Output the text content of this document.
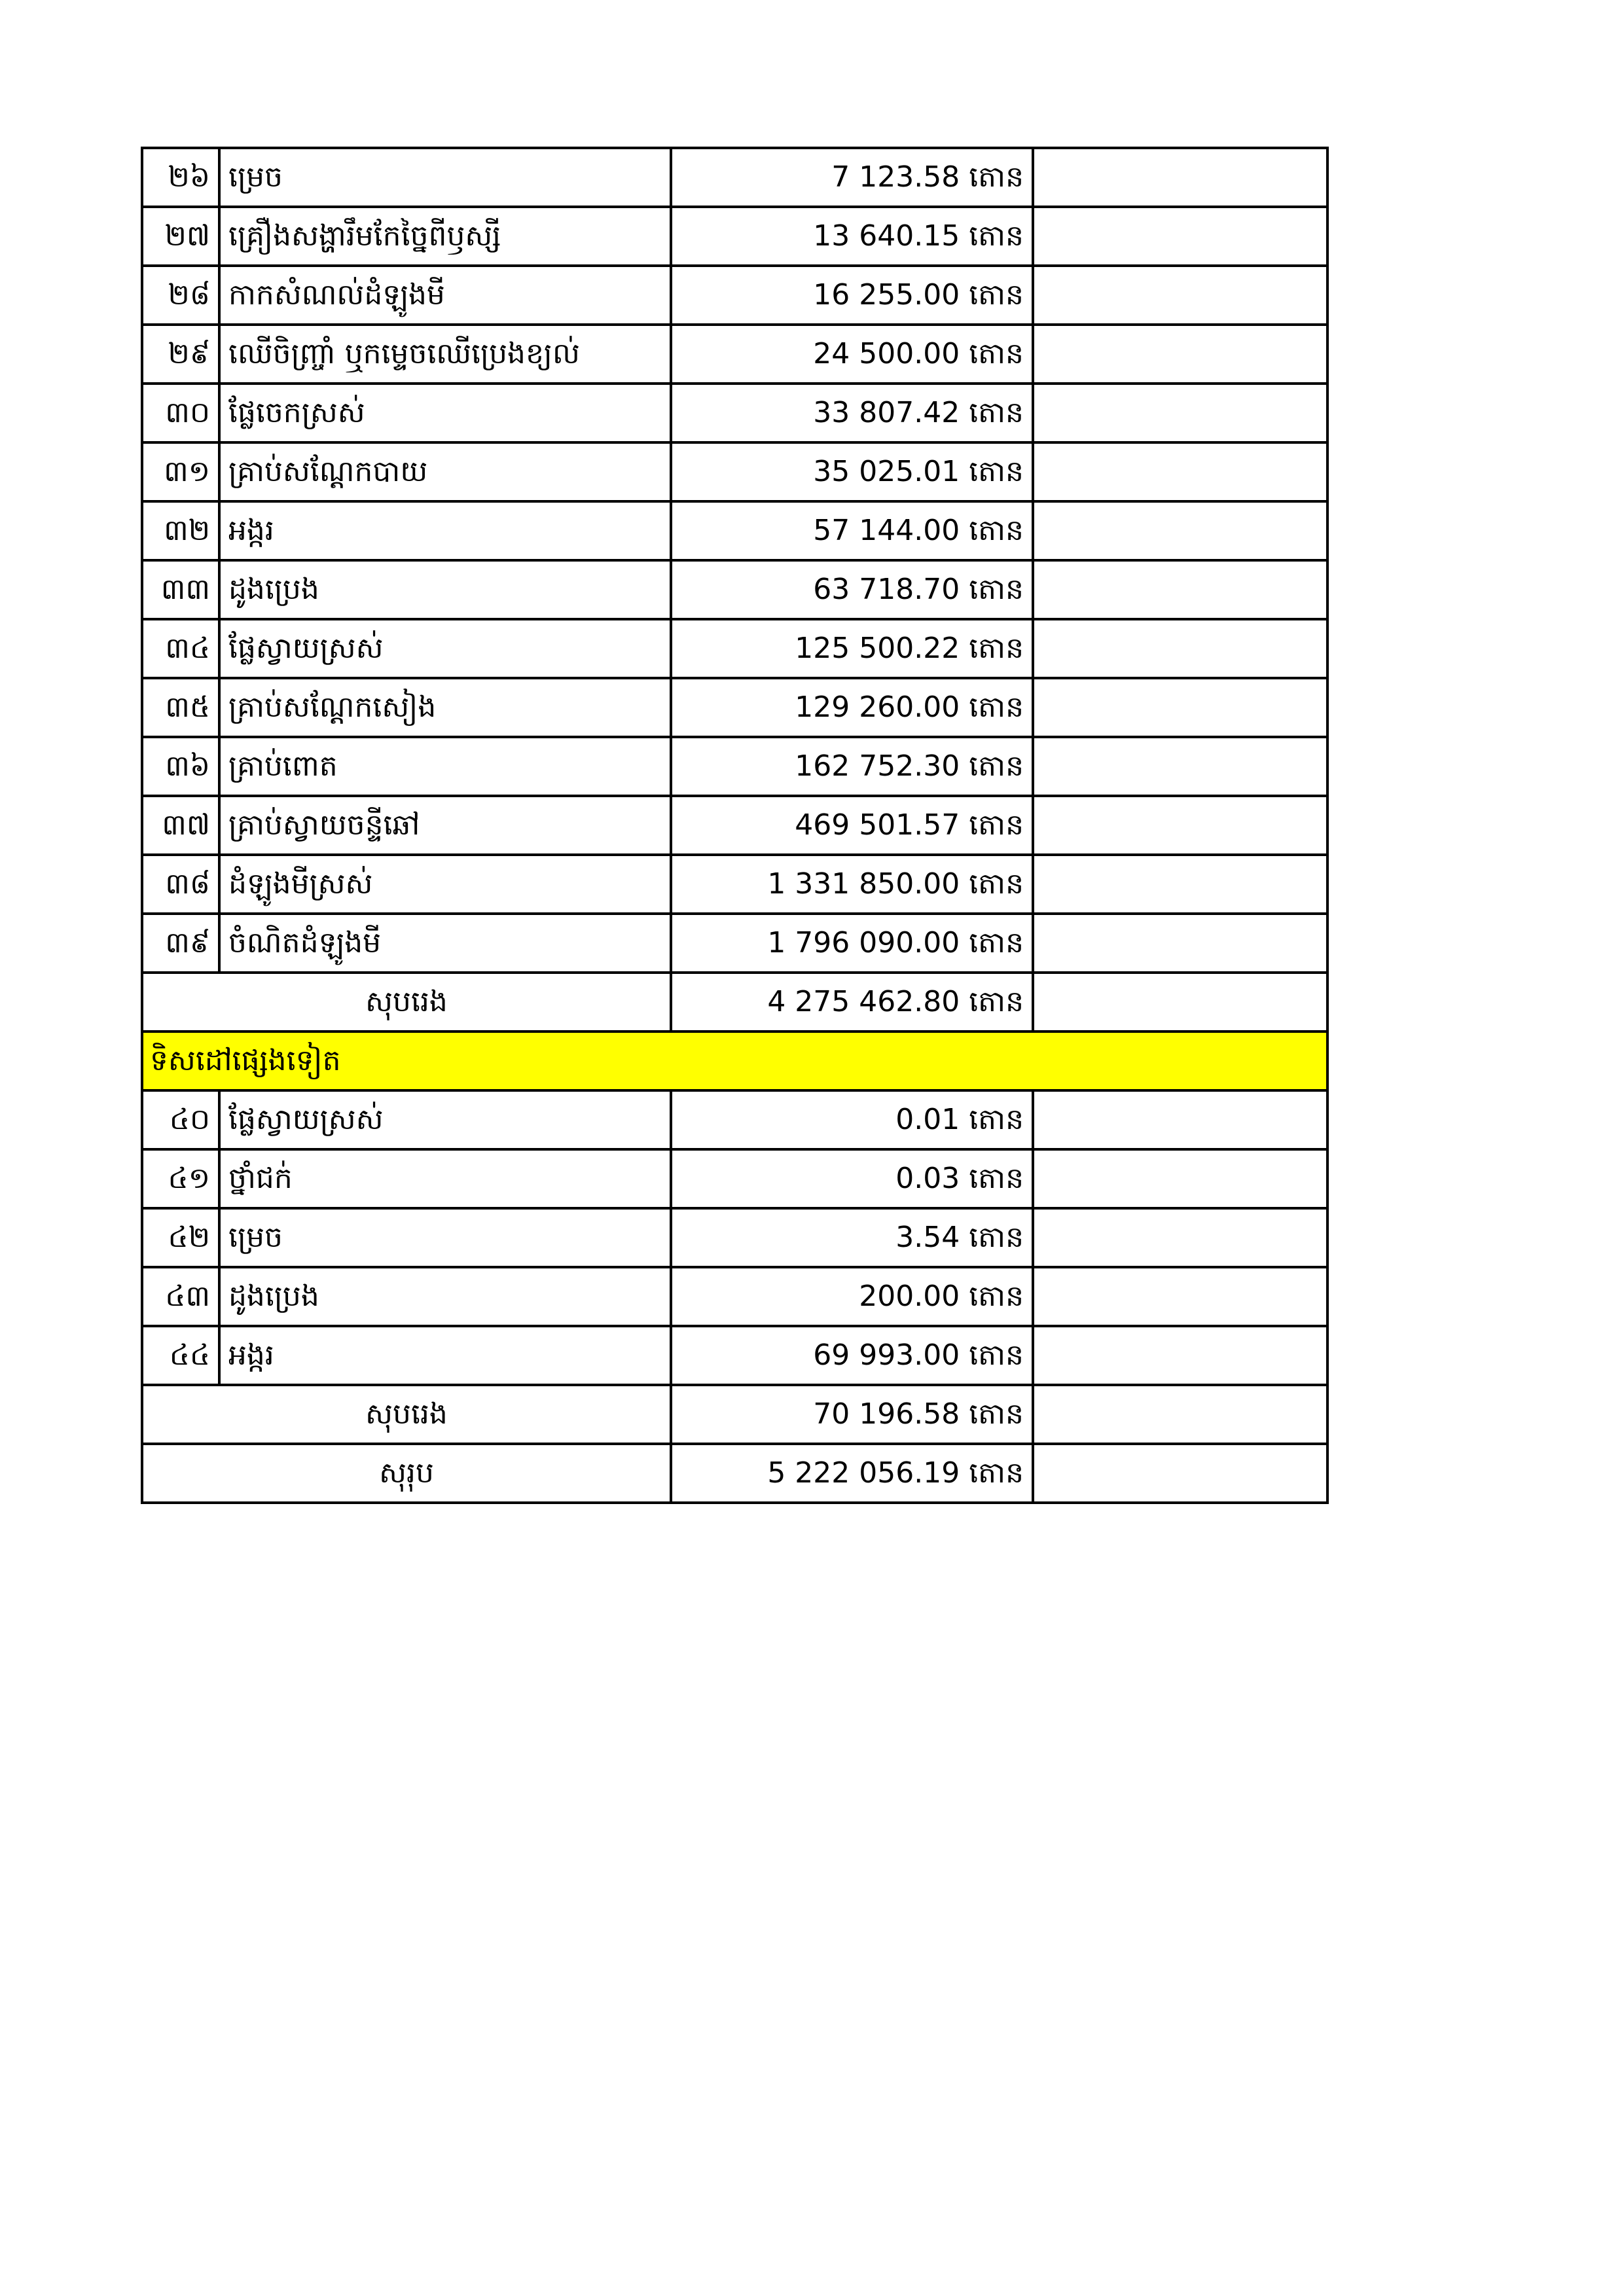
២៦	ម្រេច	7 123.58 តោន	
២៧	គ្រឿងសង្ហារឹមកែច្នៃពីឫស្សី	13 640.15 តោន	
២៨	កាកសំណល់ដំឡូងមី	16 255.00 តោន	
២៩	ឈើចិញ្ច្រាំ ឬកម្ទេចឈើប្រេងខ្យល់	24 500.00 តោន	
៣០	ផ្លែចេកស្រស់	33 807.42 តោន	
៣១	គ្រាប់សណ្តែកបាយ	35 025.01 តោន	
៣២	អង្ករ	57 144.00 តោន	
៣៣	ដូងប្រេង	63 718.70 តោន	
៣៤	ផ្លែស្វាយស្រស់	125 500.22 តោន	
៣៥	គ្រាប់សណ្តែកសៀង	129 260.00 តោន	
៣៦	គ្រាប់ពោត	162 752.30 តោន	
៣៧	គ្រាប់ស្វាយចន្ទីឆៅ	469 501.57 តោន	
៣៨	ដំឡូងមីស្រស់	1 331 850.00 តោន	
៣៩	ចំណិតដំឡូងមី	1 796 090.00 តោន	
សុបរេង		4 275 462.80 តោន	
ទិសដៅផ្សេងទៀត			
៤០	ផ្លែស្វាយស្រស់	0.01 តោន	
៤១	ថ្នាំជក់	0.03 តោន	
៤២	ម្រេច	3.54 តោន	
៤៣	ដូងប្រេង	200.00 តោន	
៤៤	អង្ករ	69 993.00 តោន	
សុបរេង		70 196.58 តោន	
សុរុប		5 222 056.19 តោន	
